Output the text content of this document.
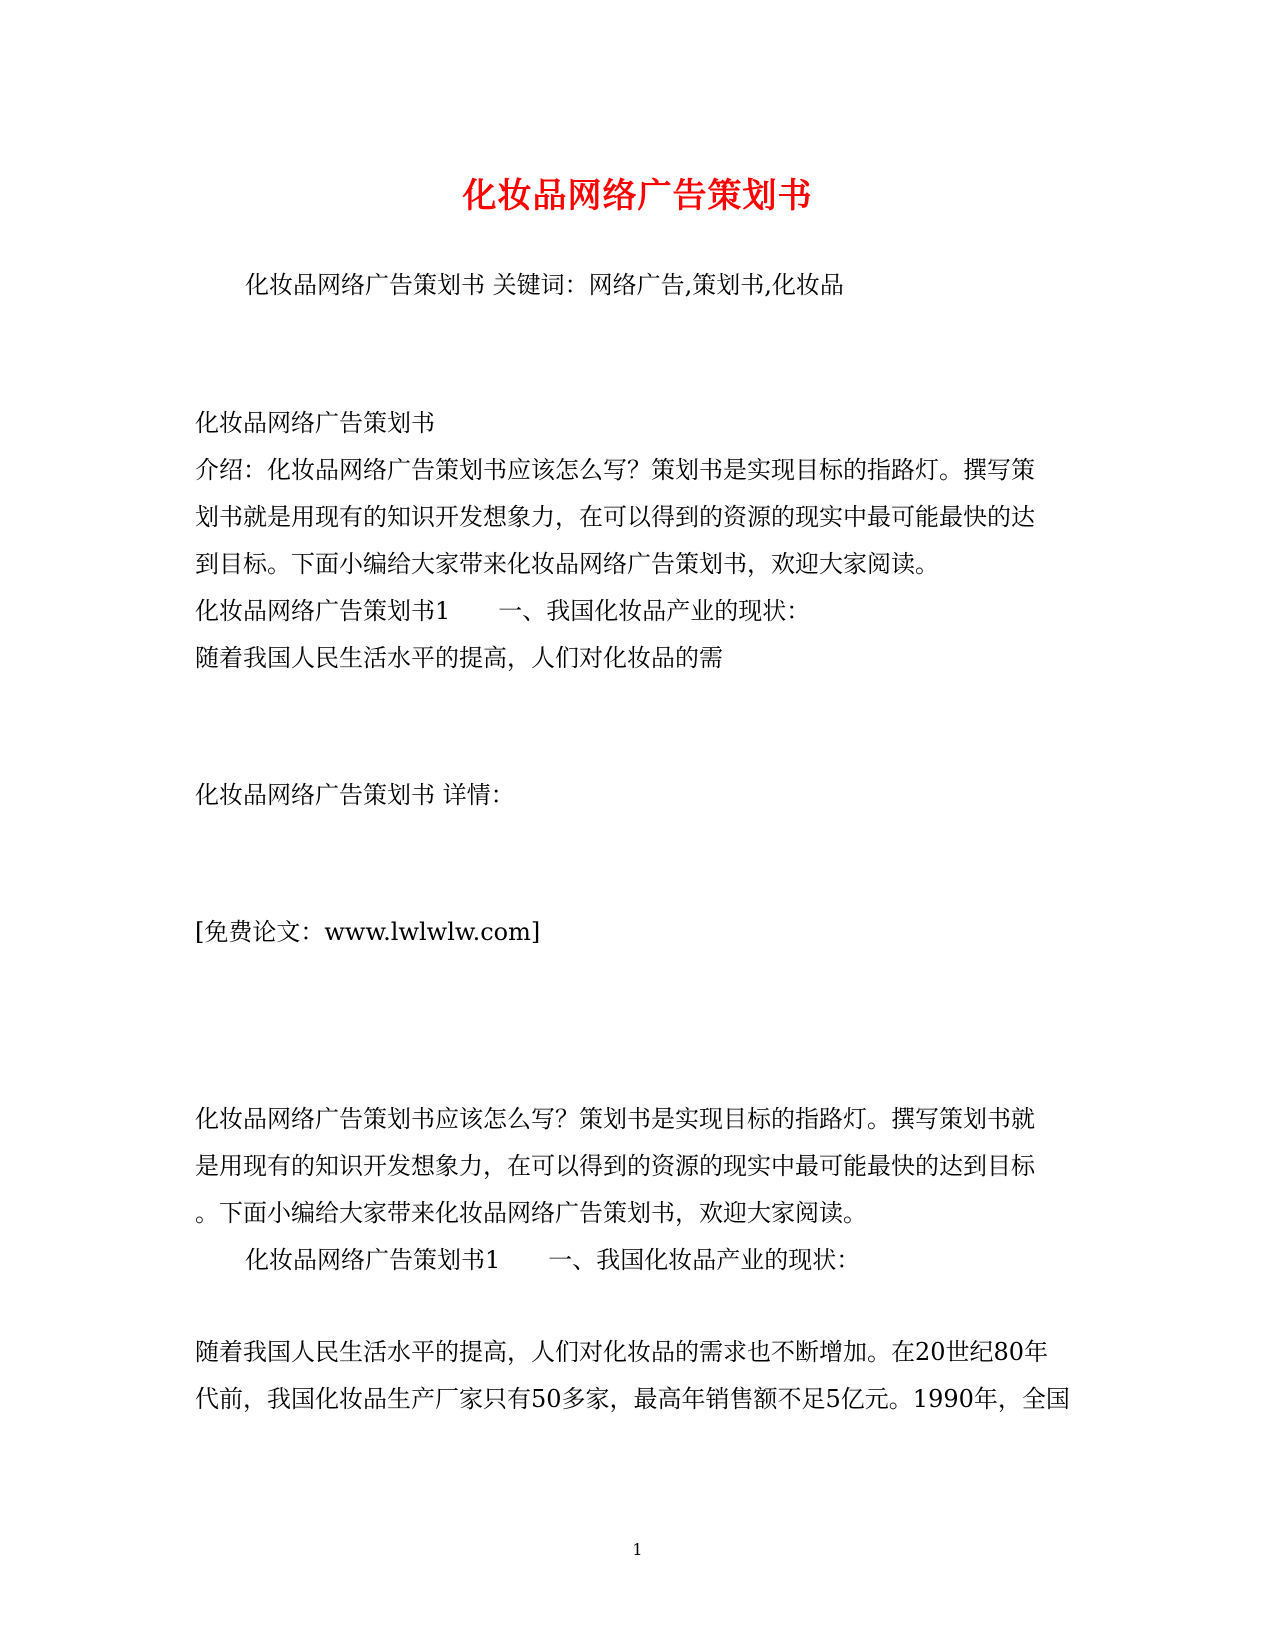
化妆品网络广告策划书
化妆品网络广告策划书 关键词：网络广告,策划书,化妆品
化妆品网络广告策划书
介绍：化妆品网络广告策划书应该怎么写？策划书是实现目标的指路灯。撰写策
划书就是用现有的知识开发想象力，在可以得到的资源的现实中最可能最快的达
到目标。下面小编给大家带来化妆品网络广告策划书，欢迎大家阅读。
化妆品网络广告策划书1　　一、我国化妆品产业的现状：
随着我国人民生活水平的提高，人们对化妆品的需
化妆品网络广告策划书 详情：
[免费论文：www.lwlwlw.com]
化妆品网络广告策划书应该怎么写？策划书是实现目标的指路灯。撰写策划书就
是用现有的知识开发想象力，在可以得到的资源的现实中最可能最快的达到目标
。下面小编给大家带来化妆品网络广告策划书，欢迎大家阅读。
化妆品网络广告策划书1　　一、我国化妆品产业的现状：
随着我国人民生活水平的提高，人们对化妆品的需求也不断增加。在20世纪80年
代前，我国化妆品生产厂家只有50多家，最高年销售额不足5亿元。1990年，全国
1
